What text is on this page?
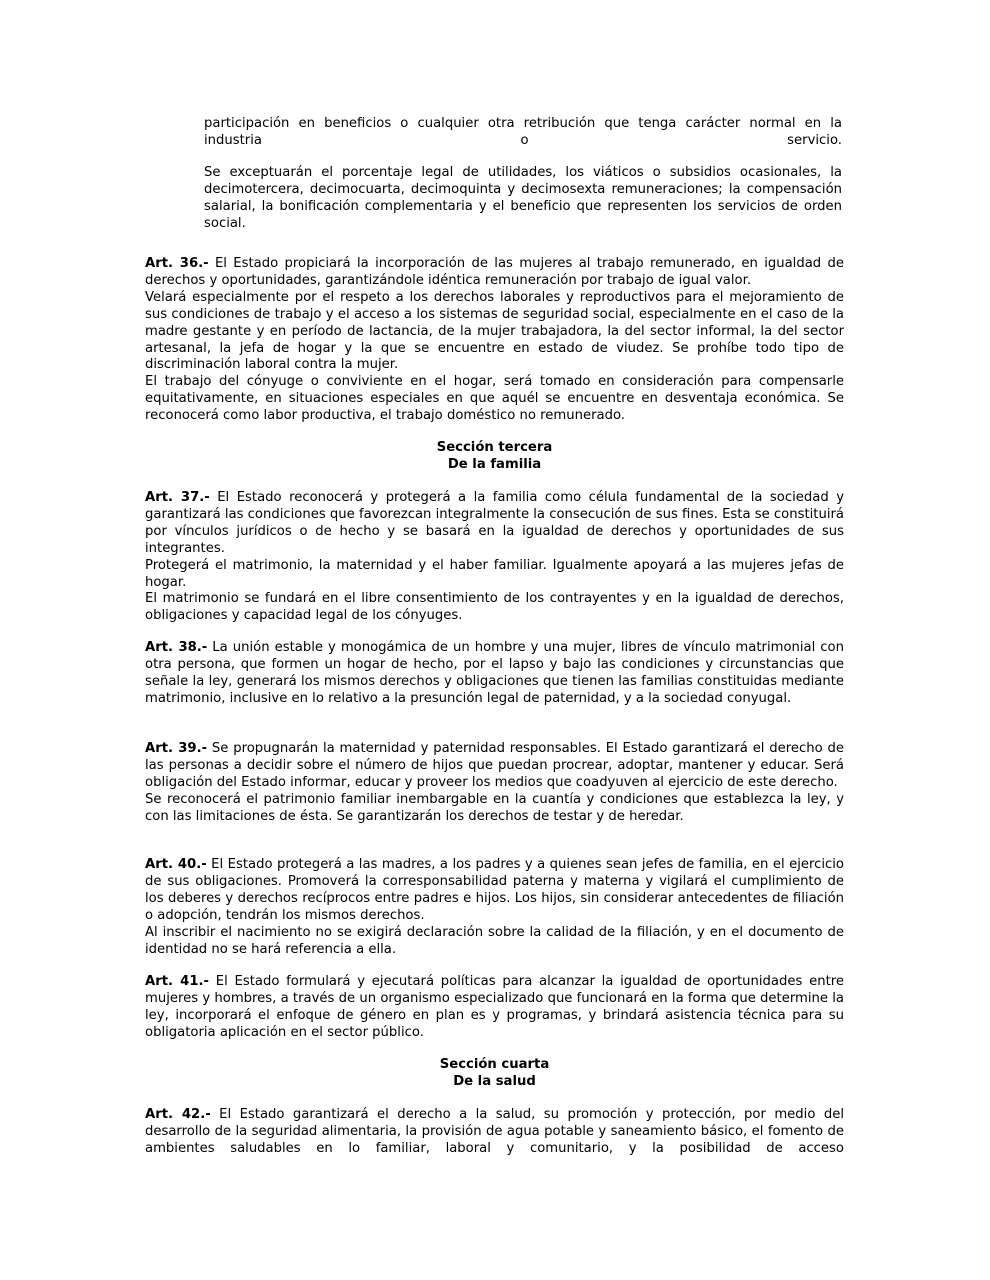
participación en beneficios o cualquier otra retribución que tenga carácter normal en la industria o servicio.

Se exceptuarán el porcentaje legal de utilidades, los viáticos o subsidios ocasionales, la decimotercera, decimocuarta, decimoquinta y decimosexta remuneraciones; la compensación salarial, la bonificación complementaria y el beneficio que representen los servicios de orden social.

Art. 36.- El Estado propiciará la incorporación de las mujeres al trabajo remunerado, en igualdad de derechos y oportunidades, garantizándole idéntica remuneración por trabajo de igual valor.

Velará especialmente por el respeto a los derechos laborales y reproductivos para el mejoramiento de sus condiciones de trabajo y el acceso a los sistemas de seguridad social, especialmente en el caso de la madre gestante y en período de lactancia, de la mujer trabajadora, la del sector informal, la del sector artesanal, la jefa de hogar y la que se encuentre en estado de viudez. Se prohíbe todo tipo de discriminación laboral contra la mujer.

El trabajo del cónyuge o conviviente en el hogar, será tomado en consideración para compensarle equitativamente, en situaciones especiales en que aquél se encuentre en desventaja económica. Se reconocerá como labor productiva, el trabajo doméstico no remunerado.

Sección tercera
De la familia

Art. 37.- El Estado reconocerá y protegerá a la familia como célula fundamental de la sociedad y garantizará las condiciones que favorezcan integralmente la consecución de sus fines. Esta se constituirá por vínculos jurídicos o de hecho y se basará en la igualdad de derechos y oportunidades de sus integrantes.

Protegerá el matrimonio, la maternidad y el haber familiar. Igualmente apoyará a las mujeres jefas de hogar.

El matrimonio se fundará en el libre consentimiento de los contrayentes y en la igualdad de derechos, obligaciones y capacidad legal de los cónyuges.

Art. 38.- La unión estable y monogámica de un hombre y una mujer, libres de vínculo matrimonial con otra persona, que formen un hogar de hecho, por el lapso y bajo las condiciones y circunstancias que señale la ley, generará los mismos derechos y obligaciones que tienen las familias constituidas mediante matrimonio, inclusive en lo relativo a la presunción legal de paternidad, y a la sociedad conyugal.

Art. 39.- Se propugnarán la maternidad y paternidad responsables. El Estado garantizará el derecho de las personas a decidir sobre el número de hijos que puedan procrear, adoptar, mantener y educar. Será obligación del Estado informar, educar y proveer los medios que coadyuven al ejercicio de este derecho.

Se reconocerá el patrimonio familiar inembargable en la cuantía y condiciones que establezca la ley, y con las limitaciones de ésta. Se garantizarán los derechos de testar y de heredar.

Art. 40.- El Estado protegerá a las madres, a los padres y a quienes sean jefes de familia, en el ejercicio de sus obligaciones. Promoverá la corresponsabilidad paterna y materna y vigilará el cumplimiento de los deberes y derechos recíprocos entre padres e hijos. Los hijos, sin considerar antecedentes de filiación o adopción, tendrán los mismos derechos.

Al inscribir el nacimiento no se exigirá declaración sobre la calidad de la filiación, y en el documento de identidad no se hará referencia a ella.

Art. 41.- El Estado formulará y ejecutará políticas para alcanzar la igualdad de oportunidades entre mujeres y hombres, a través de un organismo especializado que funcionará en la forma que determine la ley, incorporará el enfoque de género en plan es y programas, y brindará asistencia técnica para su obligatoria aplicación en el sector público.

Sección cuarta
De la salud

Art. 42.- El Estado garantizará el derecho a la salud, su promoción y protección, por medio del desarrollo de la seguridad alimentaria, la provisión de agua potable y saneamiento básico, el fomento de ambientes saludables en lo familiar, laboral y comunitario, y la posibilidad de acceso
